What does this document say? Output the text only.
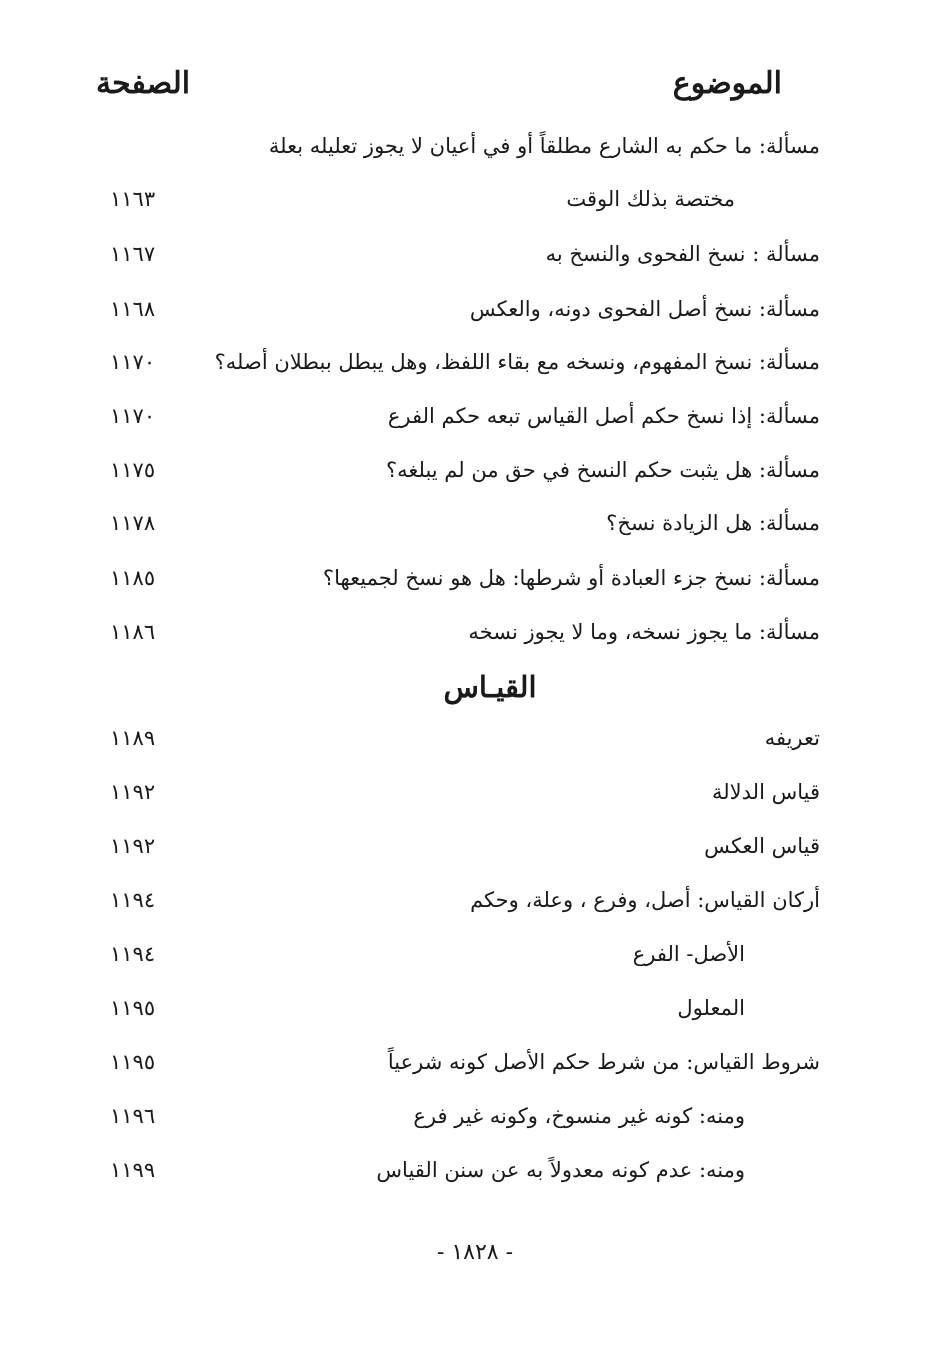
الموضوع
الصفحة
مسألة: ما حكم به الشارع مطلقاً أو في أعيان لا يجوز تعليله بعلة
مختصة بذلك الوقت
١١٦٣
مسألة : نسخ الفحوى والنسخ به
١١٦٧
مسألة: نسخ أصل الفحوى دونه، والعكس
١١٦٨
مسألة: نسخ المفهوم، ونسخه مع بقاء اللفظ، وهل يبطل ببطلان أصله؟
١١٧٠
مسألة: إذا نسخ حكم أصل القياس تبعه حكم الفرع
١١٧٠
مسألة: هل يثبت حكم النسخ في حق من لم يبلغه؟
١١٧٥
مسألة: هل الزيادة نسخ؟
١١٧٨
مسألة: نسخ جزء العبادة أو شرطها: هل هو نسخ لجميعها؟
١١٨٥
مسألة: ما يجوز نسخه، وما لا يجوز نسخه
١١٨٦
القيـاس
تعريفه
١١٨٩
قياس الدلالة
١١٩٢
قياس العكس
١١٩٢
أركان القياس: أصل، وفرع ، وعلة، وحكم
١١٩٤
الأصل- الفرع
١١٩٤
المعلول
١١٩٥
شروط القياس: من شرط حكم الأصل كونه شرعياً
١١٩٥
ومنه: كونه غير منسوخ، وكونه غير فرع
١١٩٦
ومنه: عدم كونه معدولاً به عن سنن القياس
١١٩٩
- ١٨٢٨ -
